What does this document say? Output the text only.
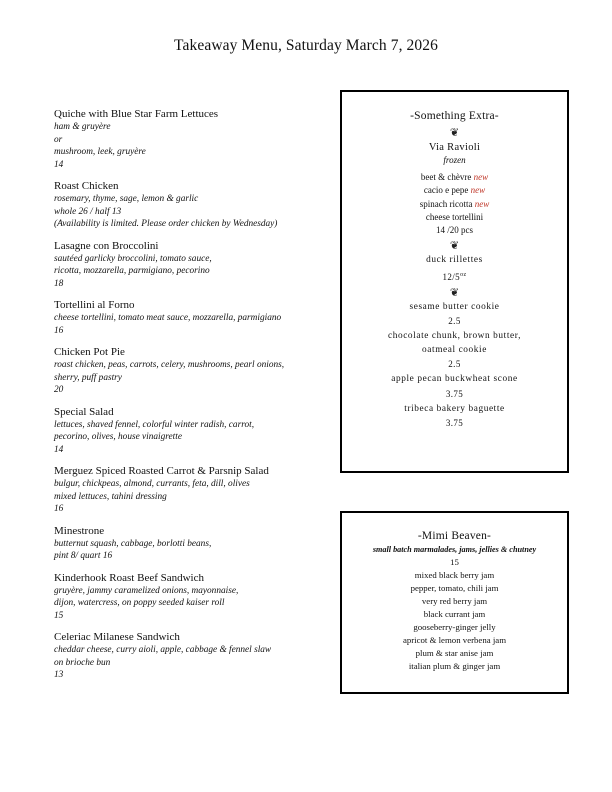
Takeaway Menu, Saturday March 7, 2026
Quiche with Blue Star Farm Lettuces
ham & gruyère
or
mushroom, leek, gruyère
14
Roast Chicken
rosemary, thyme, sage, lemon & garlic
whole 26 / half 13
(Availability is limited. Please order chicken by Wednesday)
Lasagne con Broccolini
sautéed garlicky broccolini, tomato sauce,
ricotta, mozzarella, parmigiano, pecorino
18
Tortellini al Forno
cheese tortellini, tomato meat sauce, mozzarella, parmigiano
16
Chicken Pot Pie
roast chicken, peas, carrots, celery, mushrooms, pearl onions,
sherry, puff pastry
20
Special Salad
lettuces, shaved fennel, colorful winter radish, carrot,
pecorino, olives, house vinaigrette
14
Merguez Spiced Roasted Carrot & Parsnip Salad
bulgur, chickpeas, almond, currants, feta, dill, olives
mixed lettuces, tahini dressing
16
Minestrone
butternut squash, cabbage, borlotti beans,
pint 8/ quart 16
Kinderhook Roast Beef Sandwich
gruyère, jammy caramelized onions, mayonnaise,
dijon, watercress, on poppy seeded kaiser roll
15
Celeriac Milanese Sandwich
cheddar cheese, curry aioli, apple, cabbage & fennel slaw
on brioche bun
13
-Something Extra-
❦
Via Ravioli
frozen
beet & chèvre new
cacio e pepe new
spinach ricotta new
cheese tortellini
14 /20 pcs
❦
duck rillettes
$12/5^{oz}$
❦
sesame butter cookie
2.5
chocolate chunk, brown butter,
oatmeal cookie
2.5
apple pecan buckwheat scone
3.75
tribeca bakery baguette
3.75
-Mimi Beaven-
small batch marmalades, jams, jellies & chutney
15
mixed black berry jam
pepper, tomato, chili jam
very red berry jam
black currant jam
gooseberry-ginger jelly
apricot & lemon verbena jam
plum & star anise jam
italian plum & ginger jam
